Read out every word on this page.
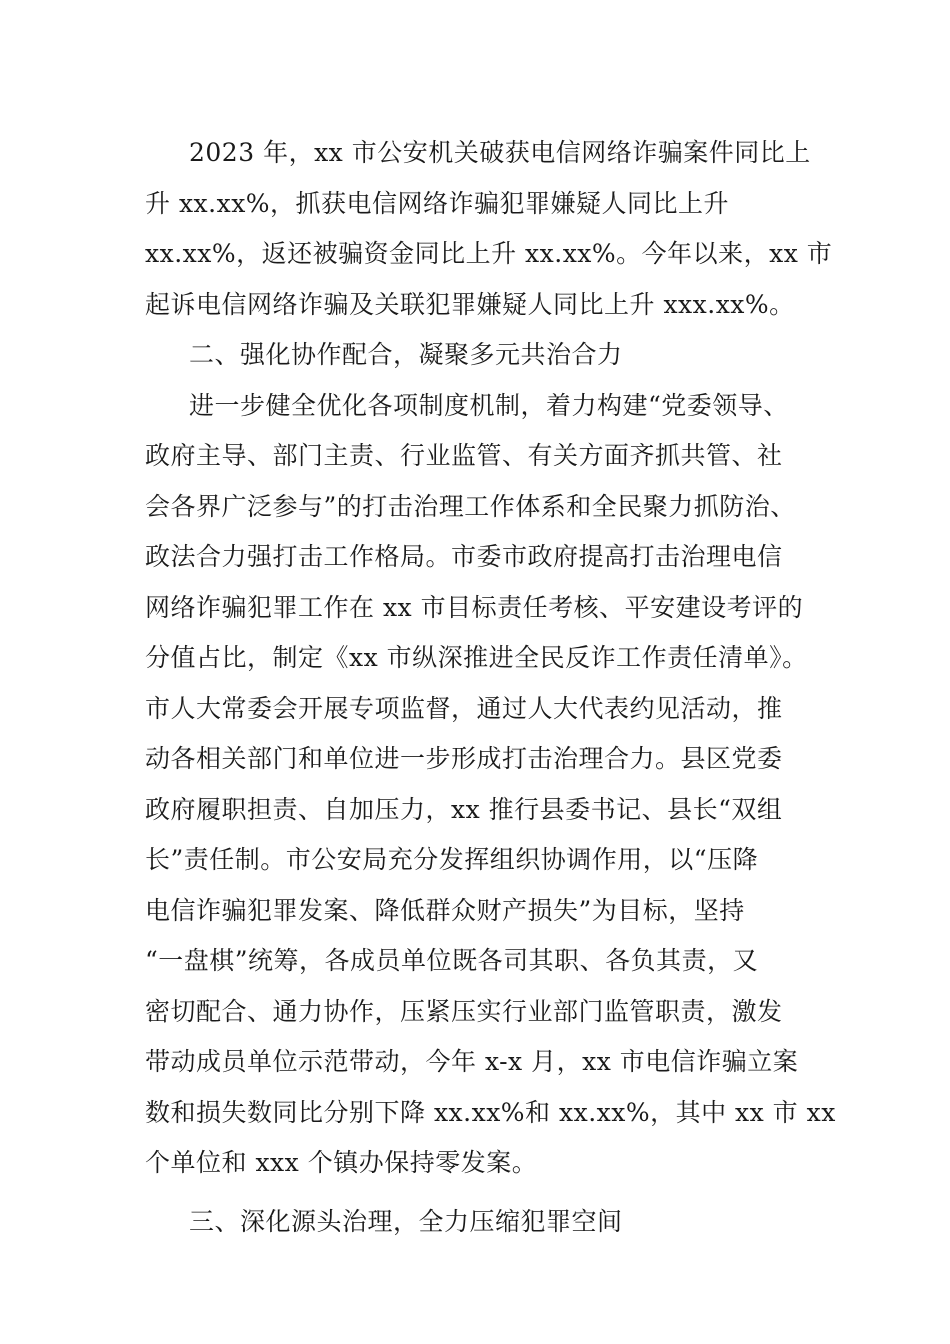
2023 年，xx 市公安机关破获电信网络诈骗案件同比上
升 xx.xx%，抓获电信网络诈骗犯罪嫌疑人同比上升
xx.xx%，返还被骗资金同比上升 xx.xx%。今年以来，xx 市
起诉电信网络诈骗及关联犯罪嫌疑人同比上升 xxx.xx%。
二、强化协作配合，凝聚多元共治合力
进一步健全优化各项制度机制，着力构建“党委领导、
政府主导、部门主责、行业监管、有关方面齐抓共管、社
会各界广泛参与”的打击治理工作体系和全民聚力抓防治、
政法合力强打击工作格局。市委市政府提高打击治理电信
网络诈骗犯罪工作在 xx 市目标责任考核、平安建设考评的
分值占比，制定《xx 市纵深推进全民反诈工作责任清单》。
市人大常委会开展专项监督，通过人大代表约见活动，推
动各相关部门和单位进一步形成打击治理合力。县区党委
政府履职担责、自加压力，xx 推行县委书记、县长“双组
长”责任制。市公安局充分发挥组织协调作用，以“压降
电信诈骗犯罪发案、降低群众财产损失”为目标，坚持
“一盘棋”统筹，各成员单位既各司其职、各负其责，又
密切配合、通力协作，压紧压实行业部门监管职责，激发
带动成员单位示范带动，今年 x-x 月，xx 市电信诈骗立案
数和损失数同比分别下降 xx.xx%和 xx.xx%，其中 xx 市 xx
个单位和 xxx 个镇办保持零发案。
三、深化源头治理，全力压缩犯罪空间
